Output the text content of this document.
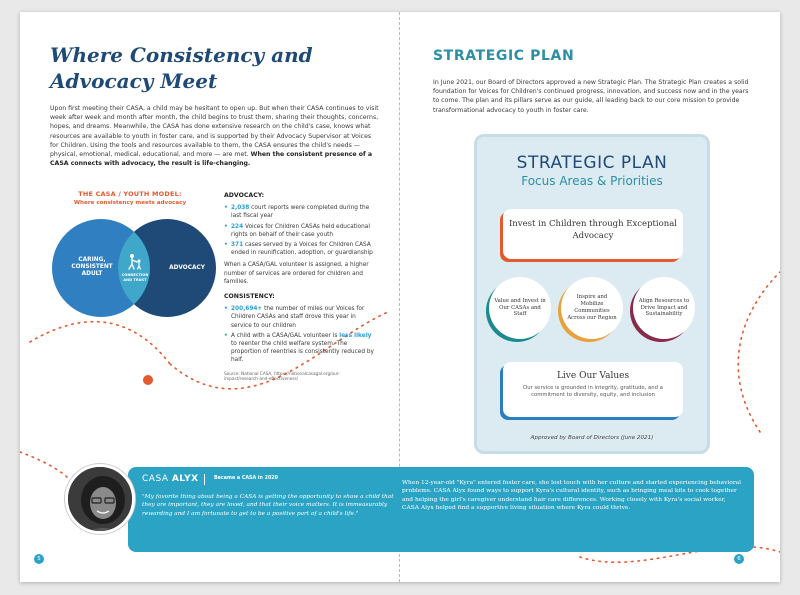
Where Consistency and Advocacy Meet

Upon first meeting their CASA, a child may be hesitant to open up. But when their CASA continues to visit week after week and month after month, the child begins to trust them, sharing their thoughts, concerns, hopes, and dreams. Meanwhile, the CASA has done extensive research on the child's case, knows what resources are available to youth in foster care, and is supported by their Advocacy Supervisor at Voices for Children. Using the tools and resources available to them, the CASA ensures the child's needs — physical, emotional, medical, educational, and more — are met. When the consistent presence of a CASA connects with advocacy, the result is life-changing.

THE CASA / YOUTH MODEL:
Where consistency meets advocacy
CARING, CONSISTENT ADULT
ADVOCACY
CONNECTION AND TRUST
ADVOCACY:
• 2,038 court reports were completed during the last fiscal year
• 224 Voices for Children CASAs held educational rights on behalf of their case youth
• 371 cases served by a Voices for Children CASA ended in reunification, adoption, or guardianship

When a CASA/GAL volunteer is assigned, a higher number of services are ordered for children and families.

CONSISTENCY:
• 200,694+ the number of miles our Voices for Children CASAs and staff drove this year in service to our children
• A child with a CASA/GAL volunteer is less likely to reenter the child welfare system. The proportion of reentries is consistently reduced by half.

Source: National CASA, https://nationalcasagal.org/our-impact/research-and-effectiveness/

STRATEGIC PLAN

In June 2021, our Board of Directors approved a new Strategic Plan. The Strategic Plan creates a solid foundation for Voices for Children's continued progress, innovation, and success now and in the years to come. The plan and its pillars serve as our guide, all leading back to our core mission to provide transformational advocacy to youth in foster care.

STRATEGIC PLAN
Focus Areas & Priorities
Invest in Children through Exceptional Advocacy
Value and Invest in Our CASAs and Staff
Inspire and Mobilize Communities Across our Region
Align Resources to Drive Impact and Sustainability
Live Our Values
Our service is grounded in integrity, gratitude, and a commitment to diversity, equity, and inclusion
Approved by Board of Directors (June 2021)
CASA ALYX	Became a CASA in 2020
"My favorite thing about being a CASA is getting the opportunity to show a child that they are important, they are loved, and that their voice matters. It is immeasurably rewarding and I am fortunate to get to be a positive part of a child's life."
When 12-year-old "Kyra" entered foster care, she lost touch with her culture and started experiencing behavioral problems. CASA Alyx found ways to support Kyra's cultural identity, such as bringing meal kits to cook together and helping the girl's caregiver understand hair care differences. Working closely with Kyra's social worker, CASA Alyx helped find a supportive living situation where Kyra could thrive.
5	6
